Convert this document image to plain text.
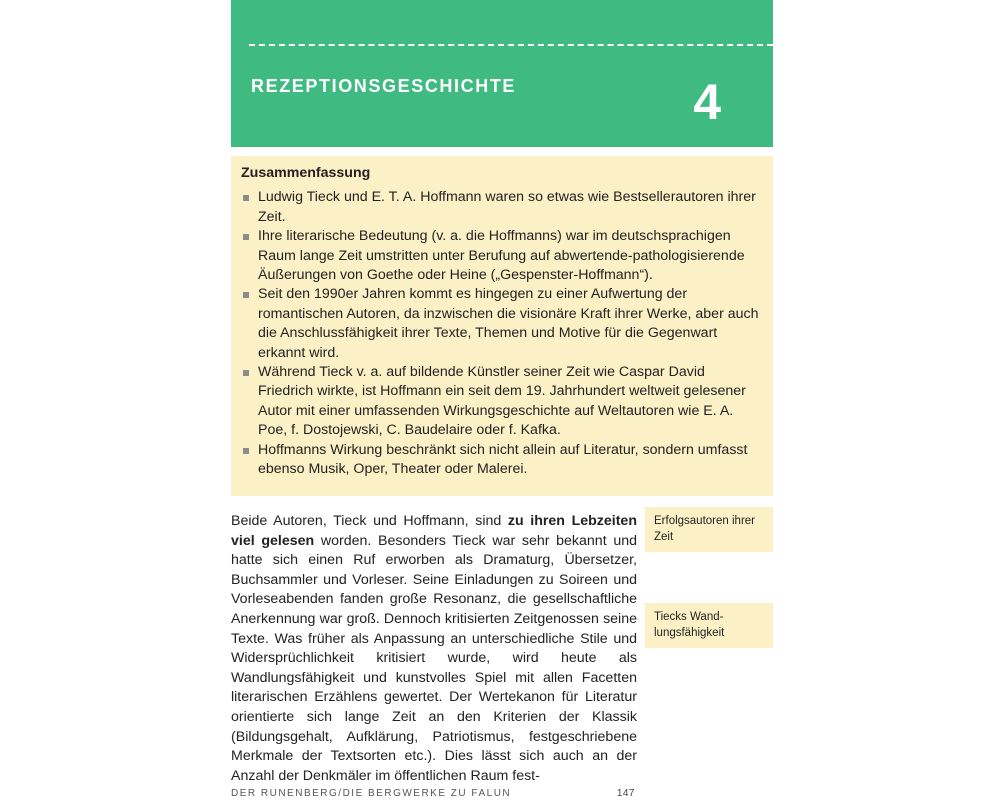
REZEPTIONSGESCHICHTE	4
Zusammenfassung
Ludwig Tieck und E. T. A. Hoffmann waren so etwas wie Bestsellerautoren ihrer Zeit.
Ihre literarische Bedeutung (v. a. die Hoffmanns) war im deutschsprachigen Raum lange Zeit umstritten unter Berufung auf abwertende-pathologisierende Äußerungen von Goethe oder Heine („Gespenster-Hoffmann“).
Seit den 1990er Jahren kommt es hingegen zu einer Aufwertung der romantischen Autoren, da inzwischen die visionäre Kraft ihrer Werke, aber auch die Anschlussfähigkeit ihrer Texte, Themen und Motive für die Gegenwart erkannt wird.
Während Tieck v. a. auf bildende Künstler seiner Zeit wie Caspar David Friedrich wirkte, ist Hoffmann ein seit dem 19. Jahrhundert weltweit gelesener Autor mit einer umfassenden Wirkungsgeschichte auf Weltautoren wie E. A. Poe, f. Dostojewski, C. Baudelaire oder f. Kafka.
Hoffmanns Wirkung beschränkt sich nicht allein auf Literatur, sondern umfasst ebenso Musik, Oper, Theater oder Malerei.
Beide Autoren, Tieck und Hoffmann, sind zu ihren Lebzeiten viel gelesen worden. Besonders Tieck war sehr bekannt und hatte sich einen Ruf erworben als Dramaturg, Übersetzer, Buchsammler und Vorleser. Seine Einladungen zu Soireen und Vorleseabenden fanden große Resonanz, die gesellschaftliche Anerkennung war groß. Dennoch kritisierten Zeitgenossen seine Texte. Was früher als Anpassung an unterschiedliche Stile und Widersprüchlichkeit kritisiert wurde, wird heute als Wandlungsfähigkeit und kunstvolles Spiel mit allen Facetten literarischen Erzählens gewertet. Der Wertekanon für Literatur orientierte sich lange Zeit an den Kriterien der Klassik (Bildungsgehalt, Aufklärung, Patriotismus, festgeschriebene Merkmale der Textsorten etc.). Dies lässt sich auch an der Anzahl der Denkmäler im öffentlichen Raum fest-
Erfolgsautoren ihrer Zeit
Tiecks Wand-lungsfähigkeit
DER RUNENBERG/DIE BERGWERKE ZU FALUN	147
